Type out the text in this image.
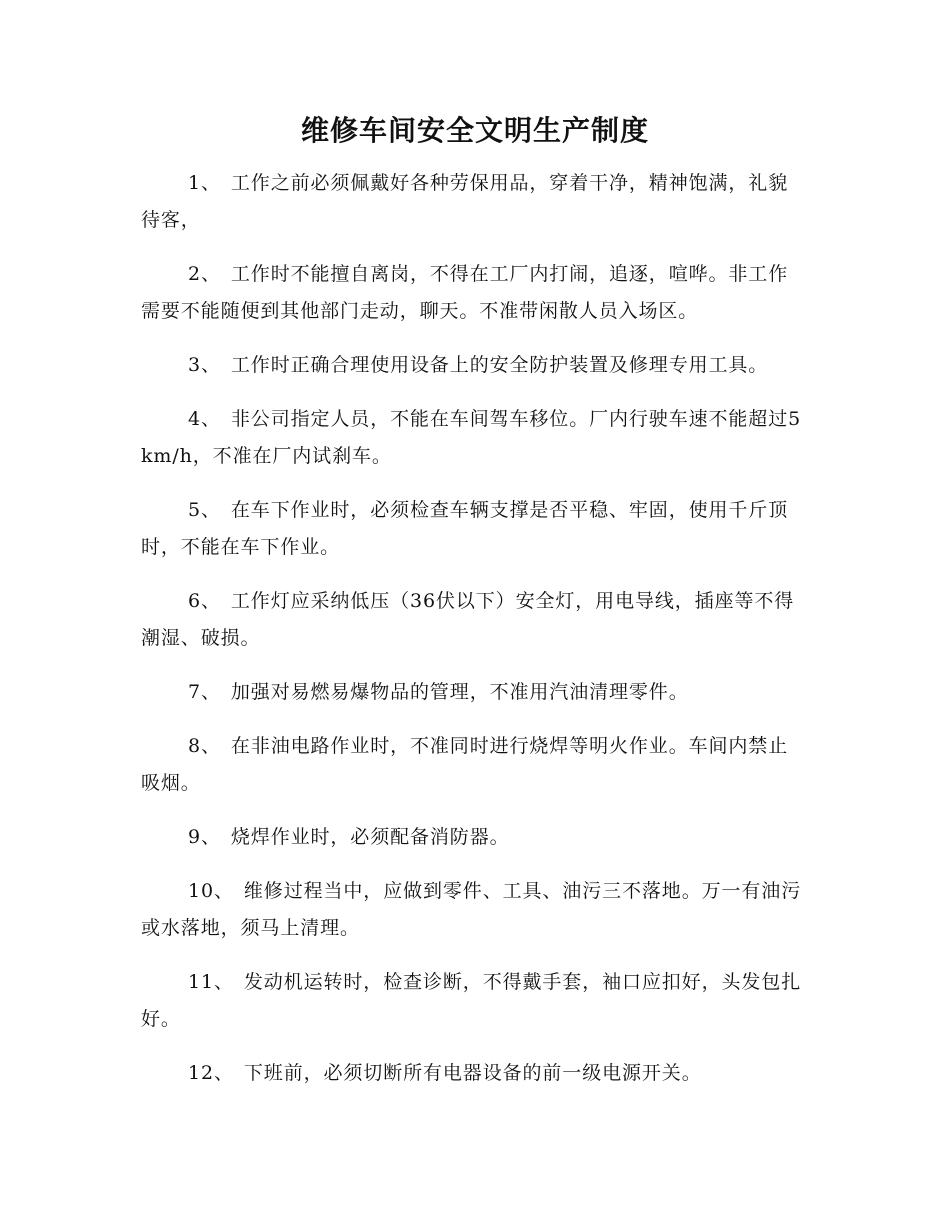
维修车间安全文明生产制度

1、 工作之前必须佩戴好各种劳保用品，穿着干净，精神饱满，礼貌待客，

2、 工作时不能擅自离岗，不得在工厂内打闹，追逐，喧哗。非工作需要不能随便到其他部门走动，聊天。不准带闲散人员入场区。

3、 工作时正确合理使用设备上的安全防护装置及修理专用工具。

4、 非公司指定人员，不能在车间驾车移位。厂内行驶车速不能超过5km/h，不准在厂内试刹车。

5、 在车下作业时，必须检查车辆支撑是否平稳、牢固，使用千斤顶时，不能在车下作业。

6、 工作灯应采纳低压（36伏以下）安全灯，用电导线，插座等不得潮湿、破损。

7、 加强对易燃易爆物品的管理，不准用汽油清理零件。

8、 在非油电路作业时，不准同时进行烧焊等明火作业。车间内禁止吸烟。

9、 烧焊作业时，必须配备消防器。

10、 维修过程当中，应做到零件、工具、油污三不落地。万一有油污或水落地，须马上清理。

11、 发动机运转时，检查诊断，不得戴手套，袖口应扣好，头发包扎好。

12、 下班前，必须切断所有电器设备的前一级电源开关。
